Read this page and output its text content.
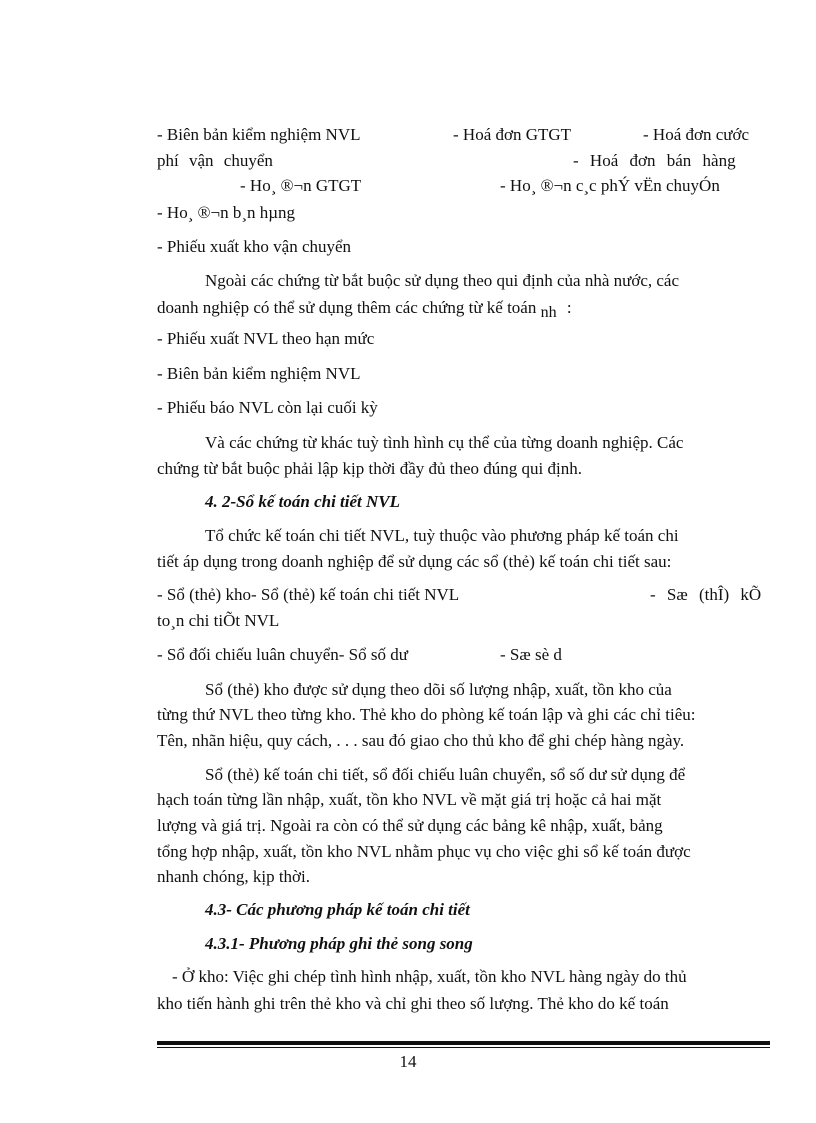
- Biên bản kiểm nghiệm NVL	- Hoá đơn GTGT	- Hoá đơn cước
phí vận chuyển	- Hoá đơn bán hàng
- Ho¸ ®¬n GTGT	- Ho¸ ®¬n c¸c phÝ vËn chuyÓn
- Ho¸ ®¬n b¸n hµng
- Phiếu xuất kho vận chuyển
Ngoài các chứng từ bắt buộc sử dụng theo qui định của nhà nước, các
doanh nghiệp có thể sử dụng thêm các chứng từ kế toán nh :
- Phiếu xuất NVL theo hạn mức
- Biên bản kiểm nghiệm NVL
- Phiếu báo NVL còn lại cuối kỳ
Và các chứng từ khác tuỳ tình hình cụ thể của từng doanh nghiệp. Các
chứng từ bắt buộc phải lập kịp thời đầy đủ theo đúng qui định.
4. 2-Sổ kế toán chi tiết NVL
Tổ chức kế toán chi tiết NVL, tuỳ thuộc vào phương pháp kế toán chi
tiết áp dụng trong doanh nghiệp để sử dụng các sổ (thẻ) kế toán chi tiết sau:
- Sổ (thẻ) kho- Sổ (thẻ) kế toán chi tiết NVL	- Sæ (thÎ) kÕ
to¸n chi tiÕt NVL
- Sổ đối chiếu luân chuyển- Sổ số dư	- Sæ sè d
Sổ (thẻ) kho được sử dụng theo dõi số lượng nhập, xuất, tồn kho của
từng thứ NVL theo từng kho. Thẻ kho do phòng kế toán lập và ghi các chỉ tiêu:
Tên, nhãn hiệu, quy cách, . . . sau đó giao cho thủ kho để ghi chép hàng ngày.
Sổ (thẻ) kế toán chi tiết, sổ đối chiếu luân chuyển, sổ số dư sử dụng để
hạch toán từng lần nhập, xuất, tồn kho NVL về mặt giá trị hoặc cả hai mặt
lượng và giá trị. Ngoài ra còn có thể sử dụng các bảng kê nhập, xuất, bảng
tổng hợp nhập, xuất, tồn kho NVL nhằm phục vụ cho việc ghi sổ kế toán được
nhanh chóng, kịp thời.
4.3- Các phương pháp kế toán chi tiết
4.3.1- Phương pháp ghi thẻ song song
- Ở kho: Việc ghi chép tình hình nhập, xuất, tồn kho NVL hàng ngày do thủ
kho tiến hành ghi trên thẻ kho và chỉ ghi theo số lượng. Thẻ kho do kế toán
14
